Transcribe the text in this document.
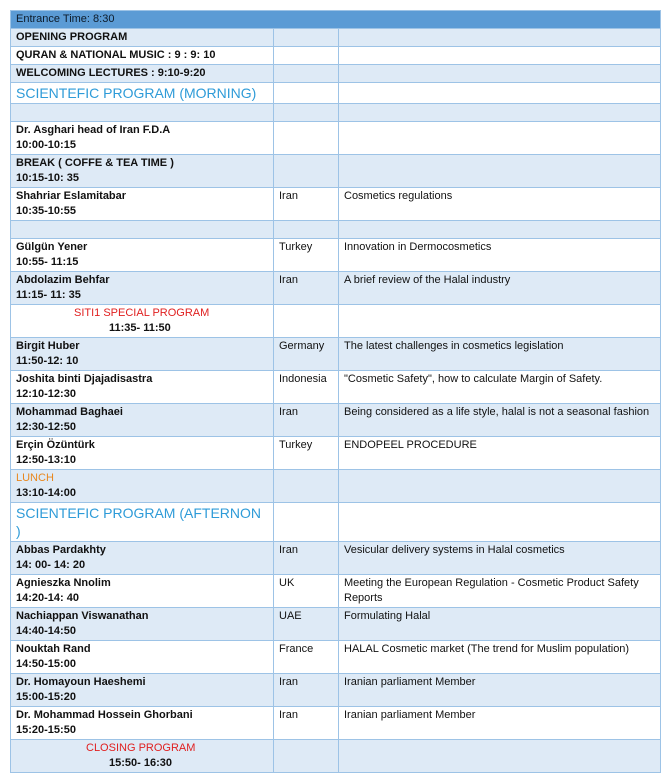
Entrance Time: 8:30		

OPENING PROGRAM		

QURAN & NATIONAL MUSIC : 9 : 9: 10		

WELCOMING LECTURES : 9:10-9:20		

SCIENTEFIC PROGRAM (MORNING)		

Dr. Asghari head of Iran F.D.A
10:00-10:15		

BREAK ( COFFE & TEA TIME )
10:15-10: 35		

Shahriar Eslamitabar
10:35-10:55	Iran	Cosmetics regulations

Gülgün Yener
10:55- 11:15	Turkey	Innovation in Dermocosmetics

Abdolazim Behfar
11:15- 11: 35	Iran	A brief review of the Halal industry

SITI1 SPECIAL PROGRAM
11:35- 11:50		

Birgit Huber
11:50-12: 10	Germany	The latest challenges in cosmetics legislation

Joshita binti Djajadisastra
12:10-12:30	Indonesia	"Cosmetic Safety", how to calculate Margin of Safety.

Mohammad Baghaei
12:30-12:50	Iran	Being considered as a life style, halal is not a seasonal fashion

Erçin Özüntürk
12:50-13:10	Turkey	ENDOPEEL PROCEDURE

LUNCH
13:10-14:00		

SCIENTEFIC PROGRAM (AFTERNON )		

Abbas Pardakhty
14: 00- 14: 20	Iran	Vesicular delivery systems in Halal cosmetics

Agnieszka Nnolim
14:20-14: 40	UK	Meeting the European Regulation - Cosmetic Product Safety Reports

Nachiappan Viswanathan
14:40-14:50	UAE	Formulating Halal

Nouktah Rand
14:50-15:00	France	HALAL Cosmetic market (The trend for Muslim population)

Dr. Homayoun Haeshemi
15:00-15:20	Iran	Iranian parliament Member

Dr. Mohammad Hossein Ghorbani
15:20-15:50	Iran	Iranian parliament Member

CLOSING PROGRAM
15:50- 16:30		
